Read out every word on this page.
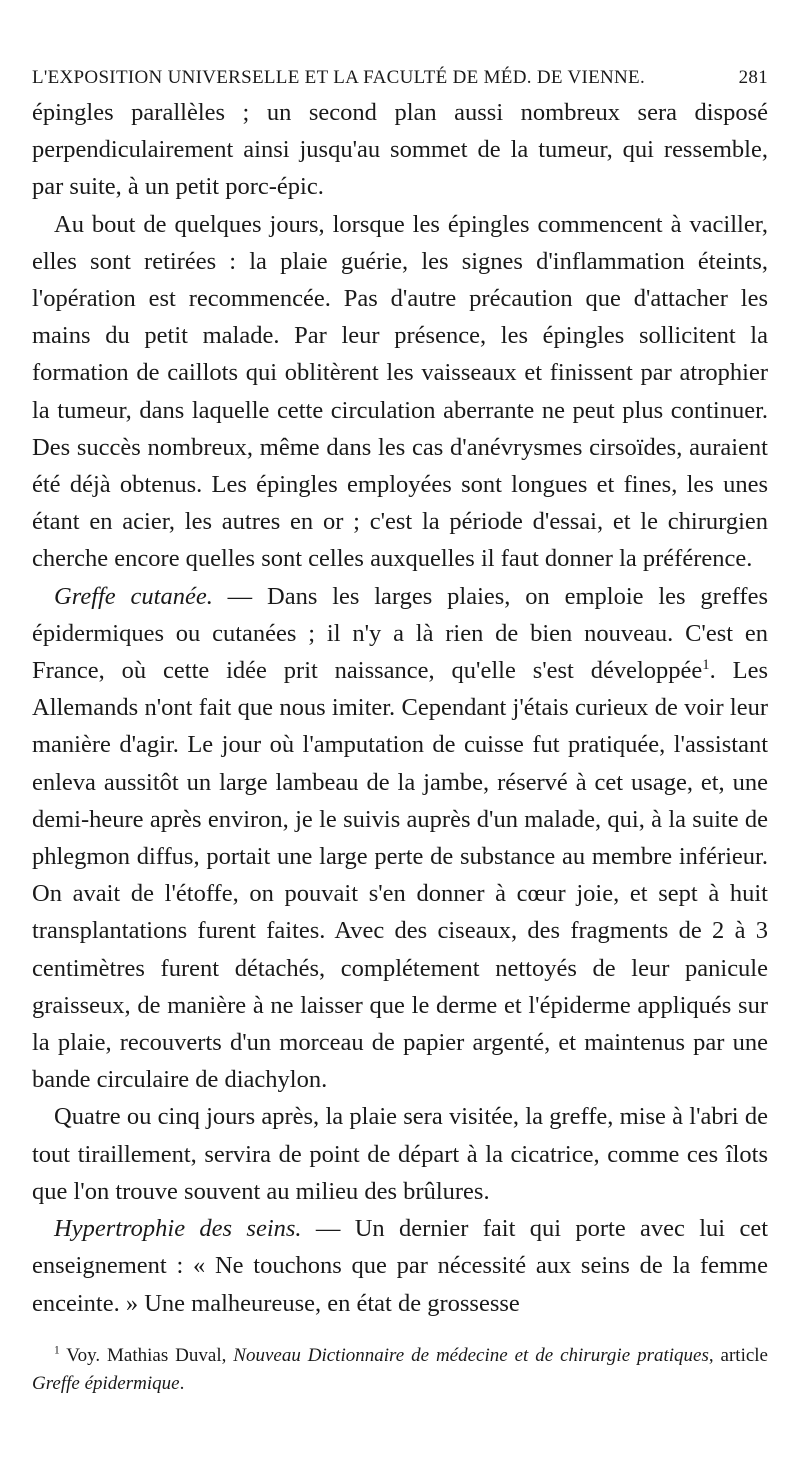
L'EXPOSITION UNIVERSELLE ET LA FACULTÉ DE MÉD. DE VIENNE.	281

épingles parallèles ; un second plan aussi nombreux sera disposé perpendiculairement ainsi jusqu'au sommet de la tumeur, qui ressemble, par suite, à un petit porc-épic.

Au bout de quelques jours, lorsque les épingles commencent à vaciller, elles sont retirées : la plaie guérie, les signes d'inflammation éteints, l'opération est recommencée. Pas d'autre précaution que d'attacher les mains du petit malade. Par leur présence, les épingles sollicitent la formation de caillots qui oblitèrent les vaisseaux et finissent par atrophier la tumeur, dans laquelle cette circulation aberrante ne peut plus continuer. Des succès nombreux, même dans les cas d'anévrysmes cirsoïdes, auraient été déjà obtenus. Les épingles employées sont longues et fines, les unes étant en acier, les autres en or ; c'est la période d'essai, et le chirurgien cherche encore quelles sont celles auxquelles il faut donner la préférence.

Greffe cutanée. — Dans les larges plaies, on emploie les greffes épidermiques ou cutanées ; il n'y a là rien de bien nouveau. C'est en France, où cette idée prit naissance, qu'elle s'est développée$^1$. Les Allemands n'ont fait que nous imiter. Cependant j'étais curieux de voir leur manière d'agir. Le jour où l'amputation de cuisse fut pratiquée, l'assistant enleva aussitôt un large lambeau de la jambe, réservé à cet usage, et, une demi-heure après environ, je le suivis auprès d'un malade, qui, à la suite de phlegmon diffus, portait une large perte de substance au membre inférieur. On avait de l'étoffe, on pouvait s'en donner à cœur joie, et sept à huit transplantations furent faites. Avec des ciseaux, des fragments de 2 à 3 centimètres furent détachés, complétement nettoyés de leur panicule graisseux, de manière à ne laisser que le derme et l'épiderme appliqués sur la plaie, recouverts d'un morceau de papier argenté, et maintenus par une bande circulaire de diachylon.

Quatre ou cinq jours après, la plaie sera visitée, la greffe, mise à l'abri de tout tiraillement, servira de point de départ à la cicatrice, comme ces îlots que l'on trouve souvent au milieu des brûlures.

Hypertrophie des seins. — Un dernier fait qui porte avec lui cet enseignement : « Ne touchons que par nécessité aux seins de la femme enceinte. » Une malheureuse, en état de grossesse

$^1$ Voy. Mathias Duval, Nouveau Dictionnaire de médecine et de chirurgie pratiques, article Greffe épidermique.
